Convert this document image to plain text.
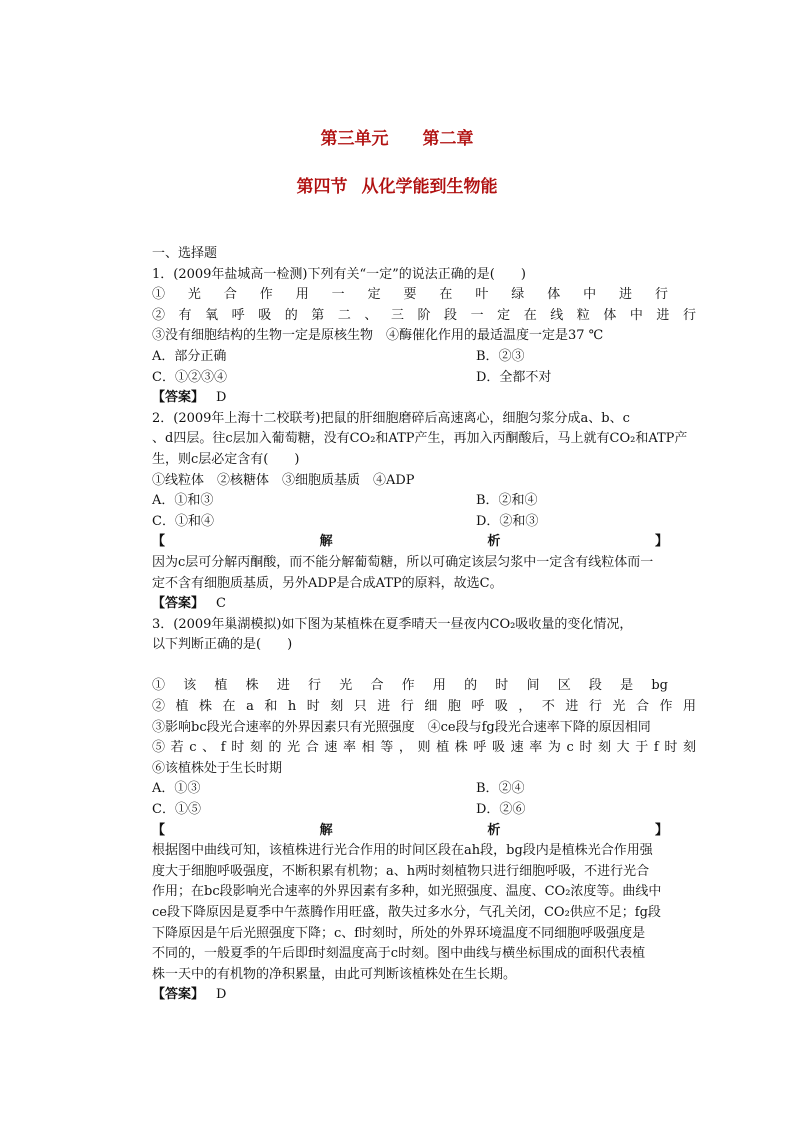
第三单元 第二章
第四节 从化学能到生物能

一、选择题

1．(2009年盐城高一检测)下列有关“一定”的说法正确的是(　　)

①光合作用一定要在叶绿体中进行

②有氧呼吸的第二、三阶段一定在线粒体中进行

③没有细胞结构的生物一定是原核生物　④酶催化作用的最适温度一定是37 ℃

A．部分正确	B．②③

C．①②③④	D．全都不对

【答案】 D

2．(2009年上海十二校联考)把鼠的肝细胞磨碎后高速离心，细胞匀浆分成a、b、c

、d四层。往c层加入葡萄糖，没有CO₂和ATP产生，再加入丙酮酸后，马上就有CO₂和ATP产

生，则c层必定含有(　　)

①线粒体　②核糖体　③细胞质基质　④ADP

A．①和③	B．②和④

C．①和④	D．②和③

【	解	析	】

因为c层可分解丙酮酸，而不能分解葡萄糖，所以可确定该层匀浆中一定含有线粒体而一

定不含有细胞质基质，另外ADP是合成ATP的原料，故选C。

【答案】 C

3．(2009年巢湖模拟)如下图为某植株在夏季晴天一昼夜内CO₂吸收量的变化情况，

以下判断正确的是(　　)

①该植株进行光合作用的时间区段是bg

②植株在a和h时刻只进行细胞呼吸，不进行光合作用

③影响bc段光合速率的外界因素只有光照强度　④ce段与fg段光合速率下降的原因相同

⑤若c、f时刻的光合速率相等，则植株呼吸速率为c时刻大于f时刻

⑥该植株处于生长时期

A．①③	B．②④

C．①⑤	D．②⑥

【	解	析	】

根据图中曲线可知，该植株进行光合作用的时间区段在ah段，bg段内是植株光合作用强

度大于细胞呼吸强度，不断积累有机物；a、h两时刻植物只进行细胞呼吸，不进行光合

作用；在bc段影响光合速率的外界因素有多种，如光照强度、温度、CO₂浓度等。曲线中

ce段下降原因是夏季中午蒸腾作用旺盛，散失过多水分，气孔关闭，CO₂供应不足；fg段

下降原因是午后光照强度下降；c、f时刻时，所处的外界环境温度不同细胞呼吸强度是

不同的，一般夏季的午后即f时刻温度高于c时刻。图中曲线与横坐标围成的面积代表植

株一天中的有机物的净积累量，由此可判断该植株处在生长期。

【答案】 D
